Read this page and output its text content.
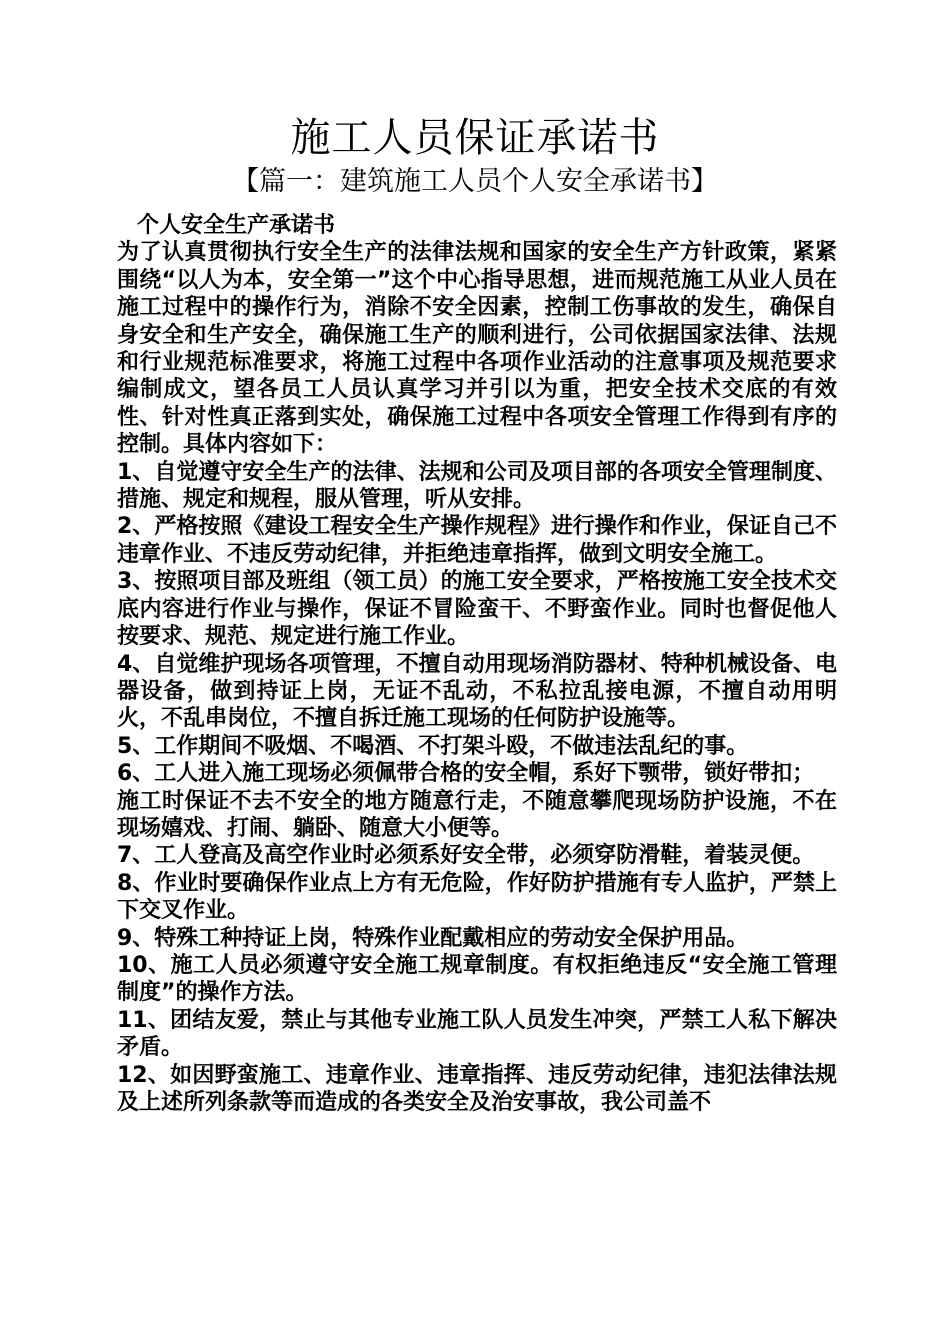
施工人员保证承诺书
【篇一：建筑施工人员个人安全承诺书】

个人安全生产承诺书

为了认真贯彻执行安全生产的法律法规和国家的安全生产方针政策，紧紧围绕“以人为本，安全第一”这个中心指导思想，进而规范施工从业人员在施工过程中的操作行为，消除不安全因素，控制工伤事故的发生，确保自身安全和生产安全，确保施工生产的顺利进行，公司依据国家法律、法规和行业规范标准要求，将施工过程中各项作业活动的注意事项及规范要求编制成文，望各员工人员认真学习并引以为重，把安全技术交底的有效性、针对性真正落到实处，确保施工过程中各项安全管理工作得到有序的控制。具体内容如下：

1、自觉遵守安全生产的法律、法规和公司及项目部的各项安全管理制度、措施、规定和规程，服从管理，听从安排。

2、严格按照《建设工程安全生产操作规程》进行操作和作业，保证自己不违章作业、不违反劳动纪律，并拒绝违章指挥，做到文明安全施工。

3、按照项目部及班组（领工员）的施工安全要求，严格按施工安全技术交底内容进行作业与操作，保证不冒险蛮干、不野蛮作业。同时也督促他人按要求、规范、规定进行施工作业。

4、自觉维护现场各项管理，不擅自动用现场消防器材、特种机械设备、电器设备，做到持证上岗，无证不乱动，不私拉乱接电源，不擅自动用明火，不乱串岗位，不擅自拆迁施工现场的任何防护设施等。

5、工作期间不吸烟、不喝酒、不打架斗殴，不做违法乱纪的事。

6、工人进入施工现场必须佩带合格的安全帽，系好下颚带，锁好带扣；

施工时保证不去不安全的地方随意行走，不随意攀爬现场防护设施，不在现场嬉戏、打闹、躺卧、随意大小便等。

7、工人登高及高空作业时必须系好安全带，必须穿防滑鞋，着装灵便。

8、作业时要确保作业点上方有无危险，作好防护措施有专人监护，严禁上下交叉作业。

9、特殊工种持证上岗，特殊作业配戴相应的劳动安全保护用品。

10、施工人员必须遵守安全施工规章制度。有权拒绝违反“安全施工管理制度”的操作方法。

11、团结友爱，禁止与其他专业施工队人员发生冲突，严禁工人私下解决矛盾。

12、如因野蛮施工、违章作业、违章指挥、违反劳动纪律，违犯法律法规及上述所列条款等而造成的各类安全及治安事故，我公司盖不
